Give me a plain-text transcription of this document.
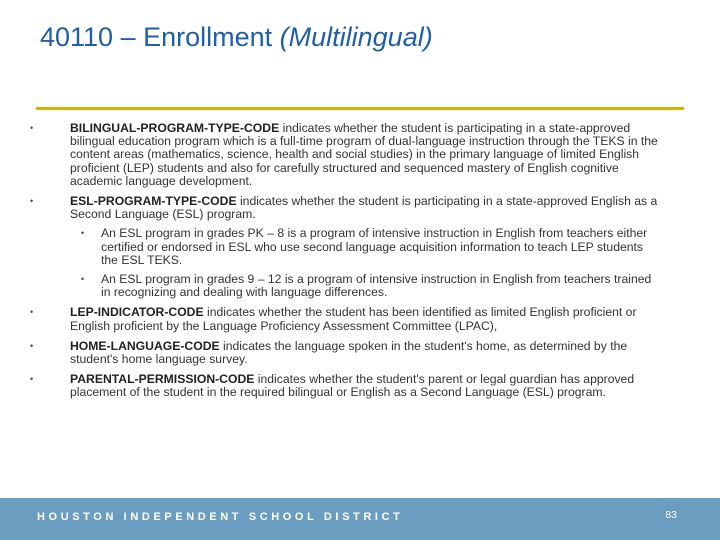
40110 – Enrollment (Multilingual)
•	BILINGUAL-PROGRAM-TYPE-CODE indicates whether the student is participating in a state-approved bilingual education program which is a full-time program of dual-language instruction through the TEKS in the content areas (mathematics, science, health and social studies) in the primary language of limited English proficient (LEP) students and also for carefully structured and sequenced mastery of English cognitive academic language development.
•	ESL-PROGRAM-TYPE-CODE indicates whether the student is participating in a state-approved English as a Second Language (ESL) program.
• An ESL program in grades PK – 8 is a program of intensive instruction in English from teachers either certified or endorsed in ESL who use second language acquisition information to teach LEP students the ESL TEKS.
• An ESL program in grades 9 – 12 is a program of intensive instruction in English from teachers trained in recognizing and dealing with language differences.
•	LEP-INDICATOR-CODE indicates whether the student has been identified as limited English proficient or English proficient by the Language Proficiency Assessment Committee (LPAC),
•	HOME-LANGUAGE-CODE indicates the language spoken in the student's home, as determined by the student's home language survey.
•	PARENTAL-PERMISSION-CODE indicates whether the student's parent or legal guardian has approved placement of the student in the required bilingual or English as a Second Language (ESL) program.
HOUSTON INDEPENDENT SCHOOL DISTRICT	83
